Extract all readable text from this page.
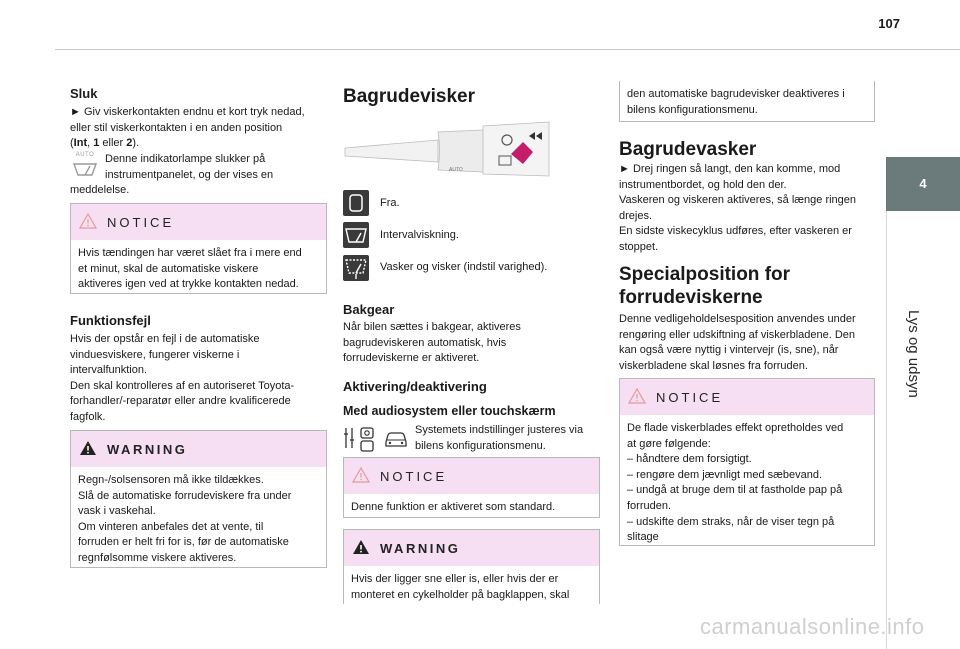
107
4
Lys og udsyn
Sluk
► Giv viskerkontakten endnu et kort tryk nedad,
eller stil viskerkontakten i en anden position
(Int, 1 eller 2).
AUTO Denne indikatorlampe slukker på
instrumentpanelet, og der vises en
meddelelse.
NOTICE
Hvis tændingen har været slået fra i mere end
et minut, skal de automatiske viskere
aktiveres igen ved at trykke kontakten nedad.
Funktionsfejl
Hvis der opstår en fejl i de automatiske
vinduesviskere, fungerer viskerne i
intervalfunktion.
Den skal kontrolleres af en autoriseret Toyota-
forhandler/-reparatør eller andre kvalificerede
fagfolk.
WARNING
Regn-/solsensoren må ikke tildækkes.
Slå de automatiske forrudeviskere fra under
vask i vaskehal.
Om vinteren anbefales det at vente, til
forruden er helt fri for is, før de automatiske
regnfølsomme viskere aktiveres.
Bagrudevisker
AUTO
Fra.
Intervalviskning.
Vasker og visker (indstil varighed).
Bakgear
Når bilen sættes i bakgear, aktiveres
bagrudeviskeren automatisk, hvis
forrudeviskerne er aktiveret.
Aktivering/deaktivering
Med audiosystem eller touchskærm
Systemets indstillinger justeres via
bilens konfigurationsmenu.
NOTICE
Denne funktion er aktiveret som standard.
WARNING
Hvis der ligger sne eller is, eller hvis der er
monteret en cykelholder på bagklappen, skal
den automatiske bagrudevisker deaktiveres i
bilens konfigurationsmenu.
Bagrudevasker
► Drej ringen så langt, den kan komme, mod
instrumentbordet, og hold den der.
Vaskeren og viskeren aktiveres, så længe ringen
drejes.
En sidste viskecyklus udføres, efter vaskeren er
stoppet.
Specialposition for
forrudeviskerne
Denne vedligeholdelsesposition anvendes under
rengøring eller udskiftning af viskerbladene. Den
kan også være nyttig i vintervejr (is, sne), når
viskerbladene skal løsnes fra forruden.
NOTICE
De flade viskerblades effekt opretholdes ved
at gøre følgende:
– håndtere dem forsigtigt.
– rengøre dem jævnligt med sæbevand.
– undgå at bruge dem til at fastholde pap på
forruden.
– udskifte dem straks, når de viser tegn på
slitage
carmanualsonline.info
